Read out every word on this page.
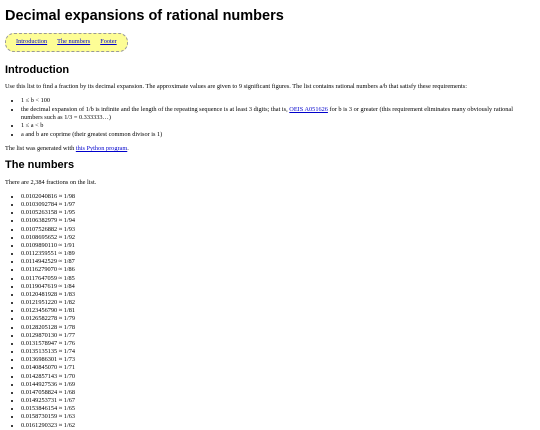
Decimal expansions of rational numbers
Introduction The numbers Footer
Introduction

Use this list to find a fraction by its decimal expansion. The approximate values are given to 9 significant figures. The list contains rational numbers a/b that satisfy these requirements:

• 1 ≤ b < 100
• the decimal expansion of 1/b is infinite and the length of the repeating sequence is at least 3 digits; that is, OEIS A051626 for b is 3 or greater (this requirement eliminates many obviously rational numbers such as 1/3 = 0.333333…)
• 1 ≤ a < b
• a and b are coprime (their greatest common divisor is 1)

The list was generated with this Python program.

The numbers

There are 2,384 fractions on the list.

• 0.0102040816 ≈ 1/98
• 0.0103092784 ≈ 1/97
• 0.0105263158 ≈ 1/95
• 0.0106382979 ≈ 1/94
• 0.0107526882 ≈ 1/93
• 0.0108695652 ≈ 1/92
• 0.0109890110 ≈ 1/91
• 0.0112359551 ≈ 1/89
• 0.0114942529 ≈ 1/87
• 0.0116279070 ≈ 1/86
• 0.0117647059 ≈ 1/85
• 0.0119047619 ≈ 1/84
• 0.0120481928 ≈ 1/83
• 0.0121951220 ≈ 1/82
• 0.0123456790 ≈ 1/81
• 0.0126582278 ≈ 1/79
• 0.0128205128 ≈ 1/78
• 0.0129870130 ≈ 1/77
• 0.0131578947 ≈ 1/76
• 0.0135135135 ≈ 1/74
• 0.0136986301 ≈ 1/73
• 0.0140845070 ≈ 1/71
• 0.0142857143 ≈ 1/70
• 0.0144927536 ≈ 1/69
• 0.0147058824 ≈ 1/68
• 0.0149253731 ≈ 1/67
• 0.0153846154 ≈ 1/65
• 0.0158730159 ≈ 1/63
• 0.0161290323 ≈ 1/62
